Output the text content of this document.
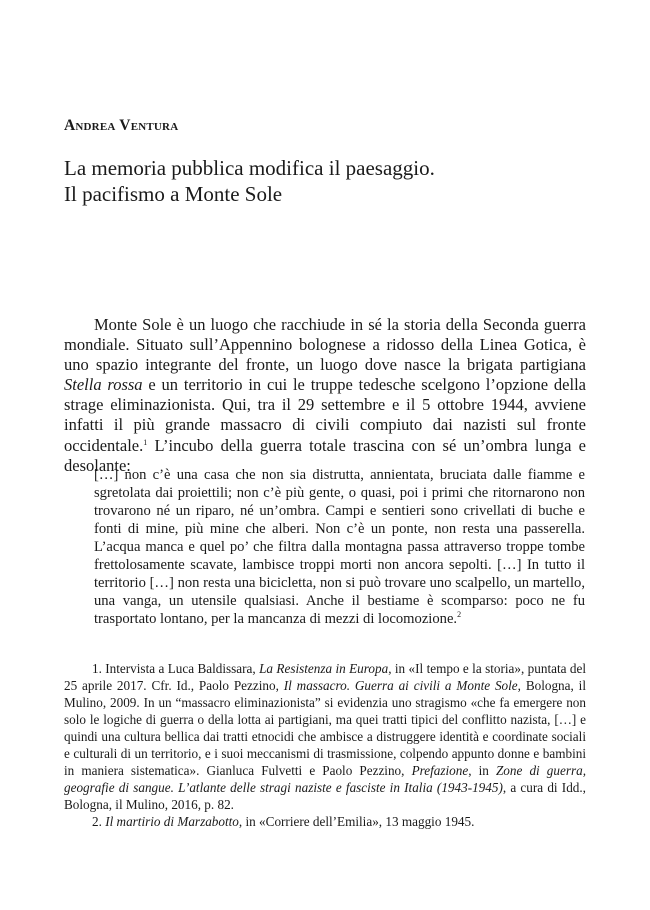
Andrea Ventura
La memoria pubblica modifica il paesaggio.
Il pacifismo a Monte Sole

Monte Sole è un luogo che racchiude in sé la storia della Seconda guerra mondiale. Situato sull’Appennino bolognese a ridosso della Linea Gotica, è uno spazio integrante del fronte, un luogo dove nasce la brigata partigiana Stella rossa e un territorio in cui le truppe tedesche scelgono l’opzione della strage eliminazionista. Qui, tra il 29 settembre e il 5 ottobre 1944, avviene infatti il più grande massacro di civili compiuto dai nazisti sul fronte occidentale.$^1$ L’incubo della guerra totale trascina con sé un’ombra lunga e desolante:

[…] non c’è una casa che non sia distrutta, annientata, bruciata dalle fiamme e sgretolata dai proiettili; non c’è più gente, o quasi, poi i primi che ritornarono non trovarono né un riparo, né un’ombra. Campi e sentieri sono crivellati di buche e fonti di mine, più mine che alberi. Non c’è un ponte, non resta una passerella. L’acqua manca e quel po’ che filtra dalla montagna passa attraverso troppe tombe frettolosamente scavate, lambisce troppi morti non ancora sepolti. […] In tutto il territorio […] non resta una bicicletta, non si può trovare uno scalpello, un martello, una vanga, un utensile qualsiasi. Anche il bestiame è scomparso: poco ne fu trasportato lontano, per la mancanza di mezzi di locomozione.$^2$

1. Intervista a Luca Baldissara, La Resistenza in Europa, in «Il tempo e la storia», puntata del 25 aprile 2017. Cfr. Id., Paolo Pezzino, Il massacro. Guerra ai civili a Monte Sole, Bologna, il Mulino, 2009. In un “massacro eliminazionista” si evidenzia uno stragismo «che fa emergere non solo le logiche di guerra o della lotta ai partigiani, ma quei tratti tipici del conflitto nazista, […] e quindi una cultura bellica dai tratti etnocidi che ambisce a distruggere identità e coordinate sociali e culturali di un territorio, e i suoi meccanismi di trasmissione, colpendo appunto donne e bambini in maniera sistematica». Gianluca Fulvetti e Paolo Pezzino, Prefazione, in Zone di guerra, geografie di sangue. L’atlante delle stragi naziste e fasciste in Italia (1943-1945), a cura di Idd., Bologna, il Mulino, 2016, p. 82.

2. Il martirio di Marzabotto, in «Corriere dell’Emilia», 13 maggio 1945.
